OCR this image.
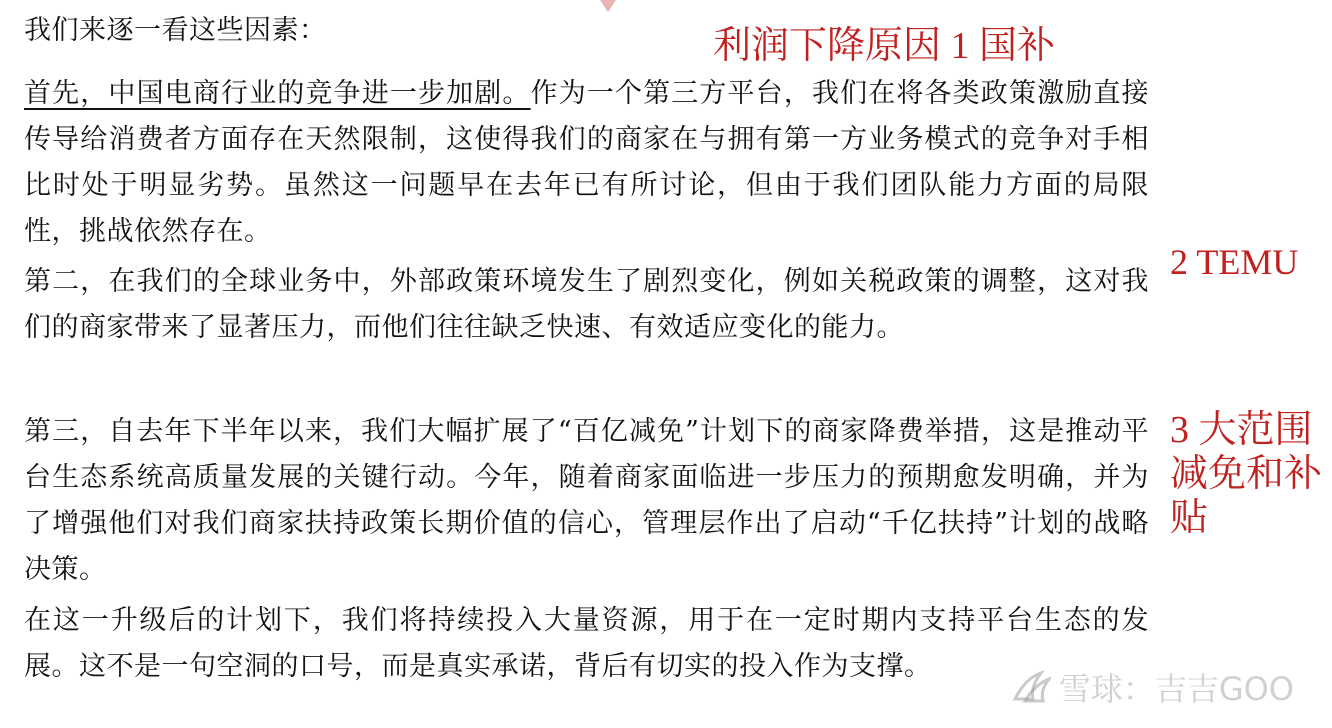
我们来逐一看这些因素：

首先，中国电商行业的竞争进一步加剧。作为一个第三方平台，我们在将各类政策激励直接传导给消费者方面存在天然限制，这使得我们的商家在与拥有第一方业务模式的竞争对手相比时处于明显劣势。虽然这一问题早在去年已有所讨论，但由于我们团队能力方面的局限性，挑战依然存在。

第二，在我们的全球业务中，外部政策环境发生了剧烈变化，例如关税政策的调整，这对我们的商家带来了显著压力，而他们往往缺乏快速、有效适应变化的能力。

第三，自去年下半年以来，我们大幅扩展了“百亿减免”计划下的商家降费举措，这是推动平台生态系统高质量发展的关键行动。今年，随着商家面临进一步压力的预期愈发明确，并为了增强他们对我们商家扶持政策长期价值的信心，管理层作出了启动“千亿扶持”计划的战略决策。

在这一升级后的计划下，我们将持续投入大量资源，用于在一定时期内支持平台生态的发展。这不是一句空洞的口号，而是真实承诺，背后有切实的投入作为支撑。

利润下降原因 1 国补

2 TEMU

3 大范围减免和补贴

雪球：吉吉GOO
